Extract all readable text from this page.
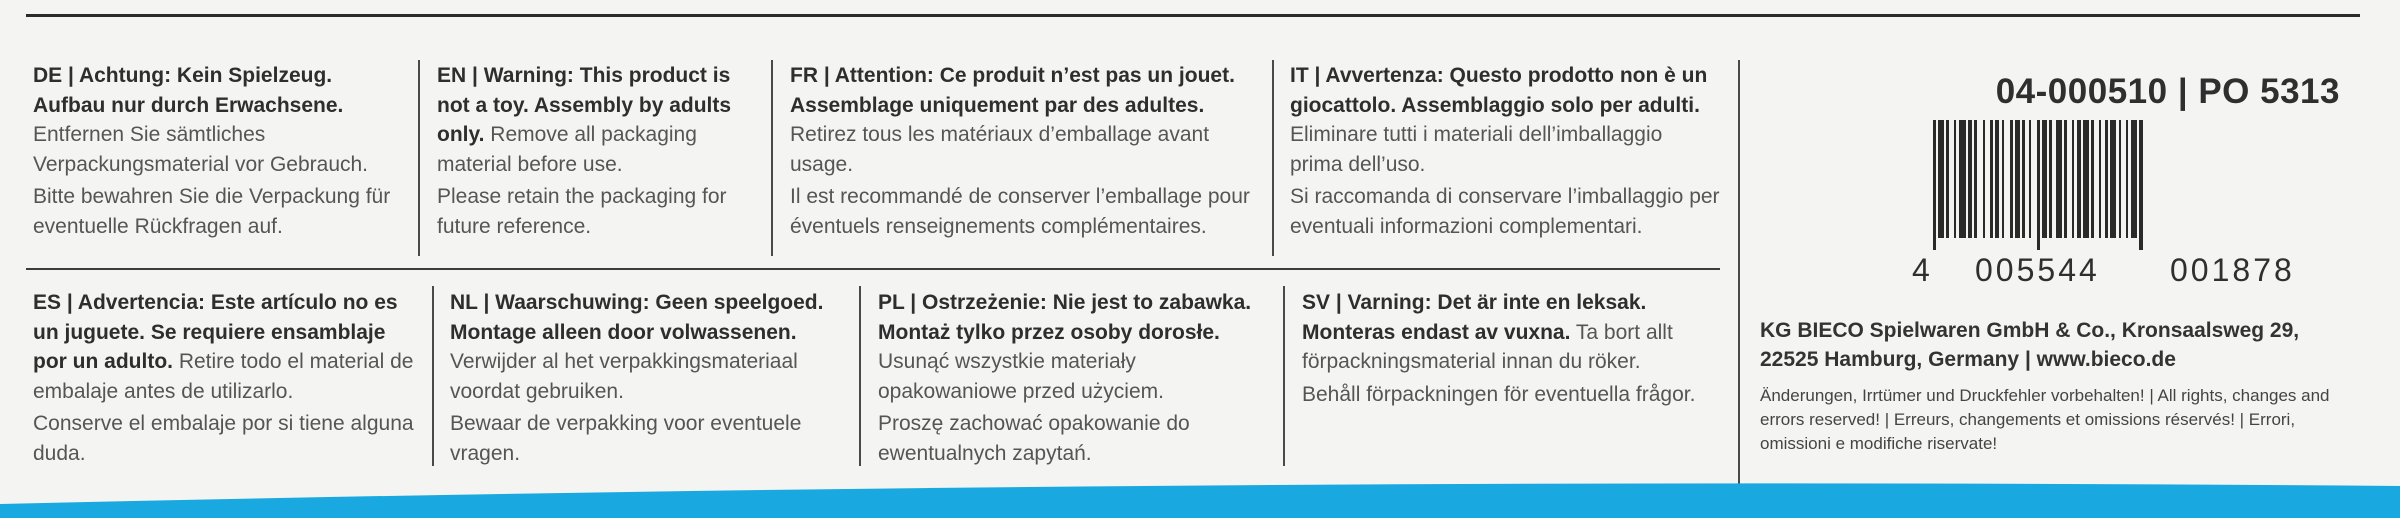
DE | Achtung: Kein Spielzeug. Aufbau nur durch Erwachsene. Entfernen Sie sämtliches Verpackungsmaterial vor Gebrauch.

Bitte bewahren Sie die Verpackung für eventuelle Rückfragen auf.

EN | Warning: This product is not a toy. Assembly by adults only. Remove all packaging material before use.

Please retain the packaging for future reference.

FR | Attention: Ce produit n’est pas un jouet. Assemblage uniquement par des adultes. Retirez tous les matériaux d’emballage avant usage.

Il est recommandé de conserver l’emballage pour éventuels renseignements complémentaires.

IT | Avvertenza: Questo prodotto non è un giocattolo. Assemblaggio solo per adulti. Eliminare tutti i materiali dell’imballaggio prima dell’uso.

Si raccomanda di conservare l’imballaggio per eventuali informazioni complementari.

ES | Advertencia: Este artículo no es un juguete. Se requiere ensamblaje por un adulto. Retire todo el material de embalaje antes de utilizarlo.

Conserve el embalaje por si tiene alguna duda.

NL | Waarschuwing: Geen speelgoed. Montage alleen door volwassenen. Verwijder al het verpakkingsmateriaal voordat gebruiken.

Bewaar de verpakking voor eventuele vragen.

PL | Ostrzeżenie: Nie jest to zabawka. Montaż tylko przez osoby dorosłe. Usunąć wszystkie materiały opakowaniowe przed użyciem.

Proszę zachować opakowanie do ewentualnych zapytań.

SV | Varning: Det är inte en leksak. Monteras endast av vuxna. Ta bort allt förpackningsmaterial innan du röker.

Behåll förpackningen för eventuella frågor.

04-000510 | PO 5313
4 005544 001878
KG BIECO Spielwaren GmbH & Co., Kronsaalsweg 29,
22525 Hamburg, Germany | www.bieco.de
Änderungen, Irrtümer und Druckfehler vorbehalten! | All rights, changes and errors reserved! | Erreurs, changements et omissions réservés! | Errori, omissioni e modifiche riservate!
